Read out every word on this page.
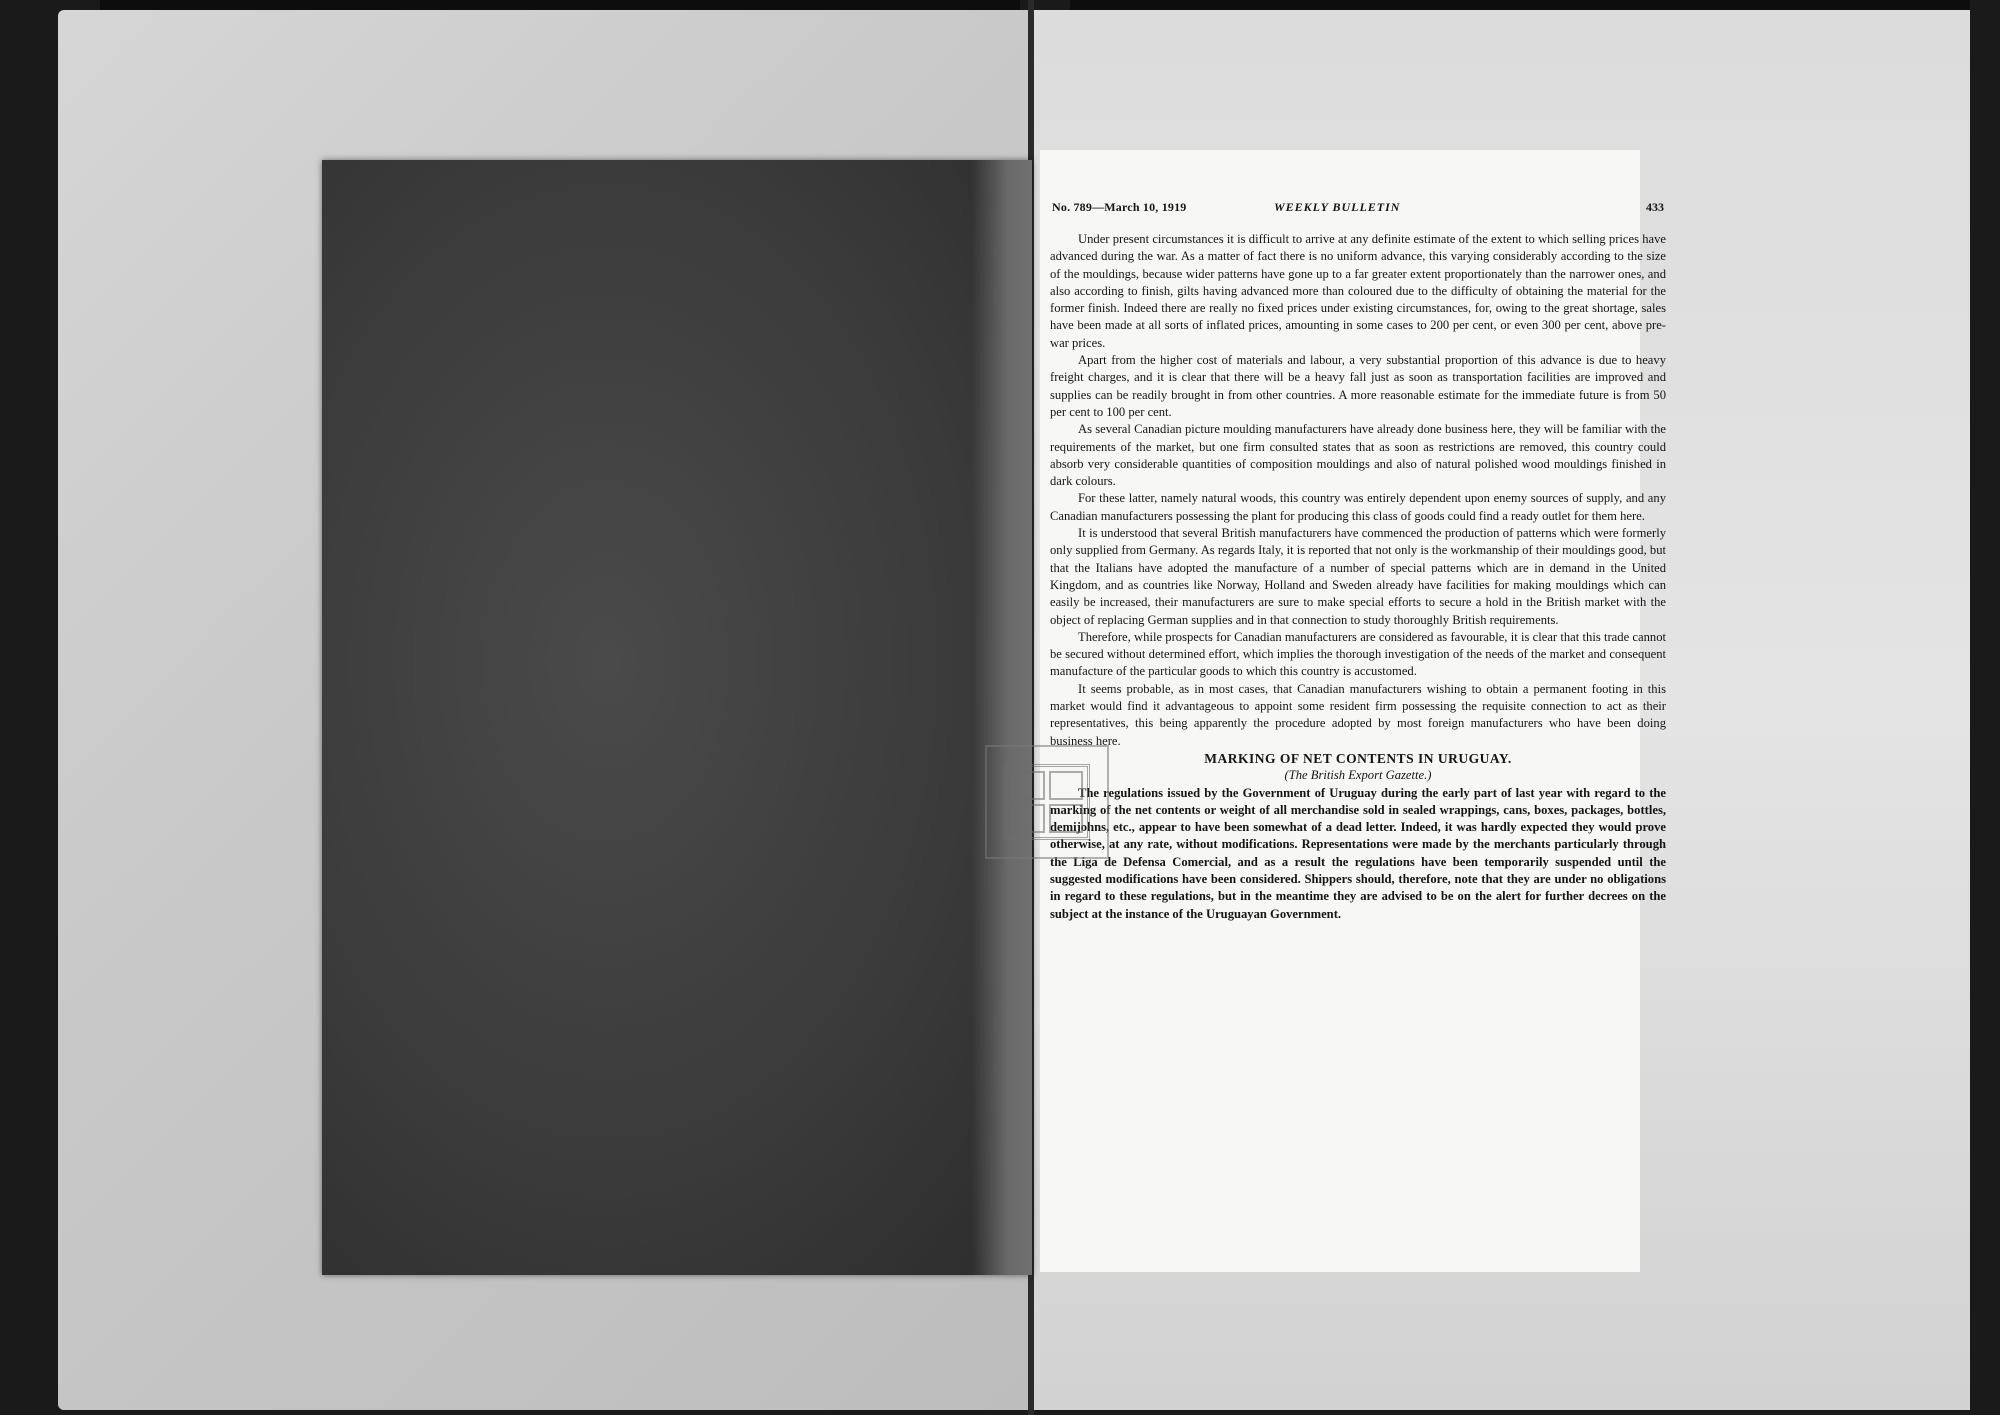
No. 789—March 10, 1919	WEEKLY BULLETIN	433

Under present circumstances it is difficult to arrive at any definite estimate of the extent to which selling prices have advanced during the war. As a matter of fact there is no uniform advance, this varying considerably according to the size of the mouldings, because wider patterns have gone up to a far greater extent proportionately than the narrower ones, and also according to finish, gilts having advanced more than coloured due to the difficulty of obtaining the material for the former finish. Indeed there are really no fixed prices under existing circumstances, for, owing to the great shortage, sales have been made at all sorts of inflated prices, amounting in some cases to 200 per cent, or even 300 per cent, above pre-war prices.

Apart from the higher cost of materials and labour, a very substantial proportion of this advance is due to heavy freight charges, and it is clear that there will be a heavy fall just as soon as transportation facilities are improved and supplies can be readily brought in from other countries. A more reasonable estimate for the immediate future is from 50 per cent to 100 per cent.

As several Canadian picture moulding manufacturers have already done business here, they will be familiar with the requirements of the market, but one firm consulted states that as soon as restrictions are removed, this country could absorb very considerable quantities of composition mouldings and also of natural polished wood mouldings finished in dark colours.

For these latter, namely natural woods, this country was entirely dependent upon enemy sources of supply, and any Canadian manufacturers possessing the plant for producing this class of goods could find a ready outlet for them here.

It is understood that several British manufacturers have commenced the production of patterns which were formerly only supplied from Germany. As regards Italy, it is reported that not only is the workmanship of their mouldings good, but that the Italians have adopted the manufacture of a number of special patterns which are in demand in the United Kingdom, and as countries like Norway, Holland and Sweden already have facilities for making mouldings which can easily be increased, their manufacturers are sure to make special efforts to secure a hold in the British market with the object of replacing German supplies and in that connection to study thoroughly British requirements.

Therefore, while prospects for Canadian manufacturers are considered as favourable, it is clear that this trade cannot be secured without determined effort, which implies the thorough investigation of the needs of the market and consequent manufacture of the particular goods to which this country is accustomed.

It seems probable, as in most cases, that Canadian manufacturers wishing to obtain a permanent footing in this market would find it advantageous to appoint some resident firm possessing the requisite connection to act as their representatives, this being apparently the procedure adopted by most foreign manufacturers who have been doing business here.

MARKING OF NET CONTENTS IN URUGUAY.

(The British Export Gazette.)

The regulations issued by the Government of Uruguay during the early part of last year with regard to the marking of the net contents or weight of all merchandise sold in sealed wrappings, cans, boxes, packages, bottles, demijohns, etc., appear to have been somewhat of a dead letter. Indeed, it was hardly expected they would prove otherwise, at any rate, without modifications. Representations were made by the merchants particularly through the Liga de Defensa Comercial, and as a result the regulations have been temporarily suspended until the suggested modifications have been considered. Shippers should, therefore, note that they are under no obligations in regard to these regulations, but in the meantime they are advised to be on the alert for further decrees on the subject at the instance of the Uruguayan Government.
